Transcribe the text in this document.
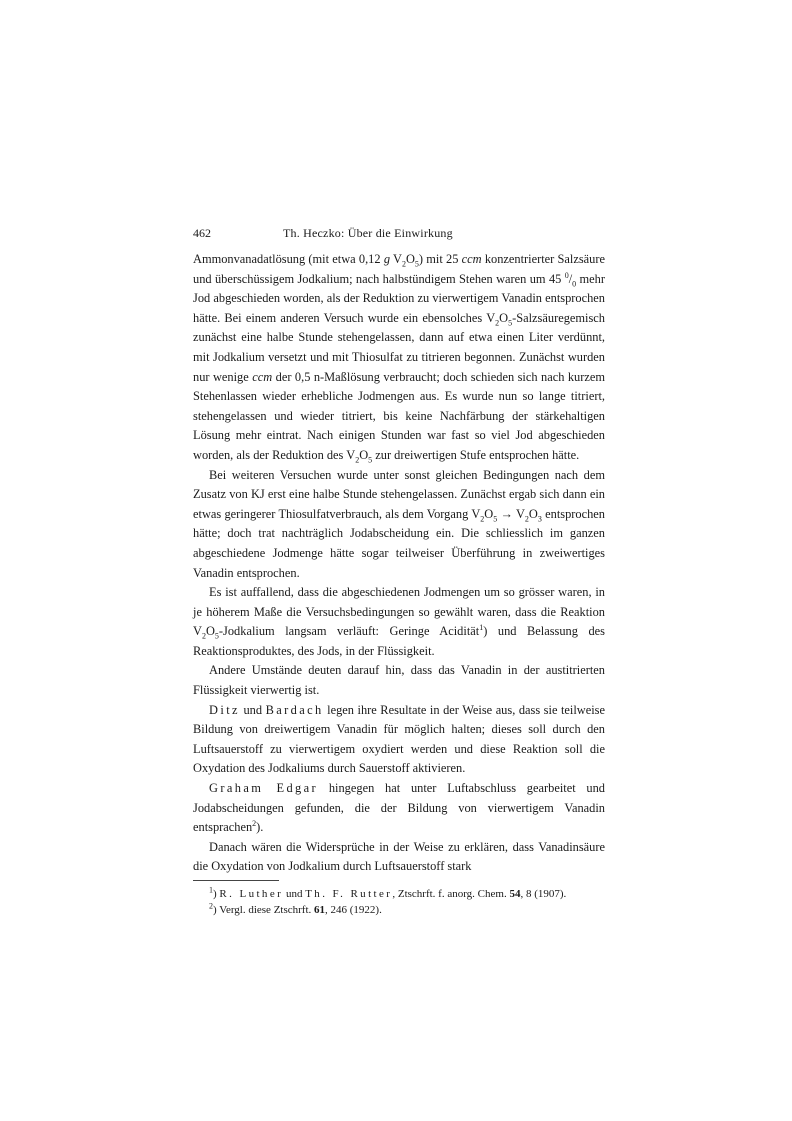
462	Th. Heczko: Über die Einwirkung

Ammonvanadatlösung (mit etwa 0,12 g $V_2O_5$) mit 25 ccm konzentrierter Salzsäure und überschüssigem Jodkalium; nach halbstündigem Stehen waren um 45 $^0/_0$ mehr Jod abgeschieden worden, als der Reduktion zu vierwertigem Vanadin entsprochen hätte. Bei einem anderen Versuch wurde ein ebensolches $V_2O_5$-Salzsäuregemisch zunächst eine halbe Stunde stehengelassen, dann auf etwa einen Liter verdünnt, mit Jodkalium versetzt und mit Thiosulfat zu titrieren begonnen. Zunächst wurden nur wenige ccm der 0,5 n-Maßlösung verbraucht; doch schieden sich nach kurzem Stehenlassen wieder erhebliche Jodmengen aus. Es wurde nun so lange titriert, stehengelassen und wieder titriert, bis keine Nachfärbung der stärkehaltigen Lösung mehr eintrat. Nach einigen Stunden war fast so viel Jod abgeschieden worden, als der Reduktion des $V_2O_5$ zur dreiwertigen Stufe entsprochen hätte.

Bei weiteren Versuchen wurde unter sonst gleichen Bedingungen nach dem Zusatz von KJ erst eine halbe Stunde stehengelassen. Zunächst ergab sich dann ein etwas geringerer Thiosulfatverbrauch, als dem Vorgang $V_2O_5 \to V_2O_3$ entsprochen hätte; doch trat nachträglich Jodabscheidung ein. Die schliesslich im ganzen abgeschiedene Jodmenge hätte sogar teilweiser Überführung in zweiwertiges Vanadin entsprochen.

Es ist auffallend, dass die abgeschiedenen Jodmengen um so grösser waren, in je höherem Maße die Versuchsbedingungen so gewählt waren, dass die Reaktion $V_2O_5$-Jodkalium langsam verläuft: Geringe Acidität$^1$) und Belassung des Reaktionsproduktes, des Jods, in der Flüssigkeit.

Andere Umstände deuten darauf hin, dass das Vanadin in der austitrierten Flüssigkeit vierwertig ist.

Ditz und Bardach legen ihre Resultate in der Weise aus, dass sie teilweise Bildung von dreiwertigem Vanadin für möglich halten; dieses soll durch den Luftsauerstoff zu vierwertigem oxydiert werden und diese Reaktion soll die Oxydation des Jodkaliums durch Sauerstoff aktivieren.

Graham Edgar hingegen hat unter Luftabschluss gearbeitet und Jodabscheidungen gefunden, die der Bildung von vierwertigem Vanadin entsprachen$^2$).

Danach wären die Widersprüche in der Weise zu erklären, dass Vanadinsäure die Oxydation von Jodkalium durch Luftsauerstoff stark

$^1$) R. Luther und Th. F. Rutter, Ztschrft. f. anorg. Chem. 54, 8 (1907).

$^2$) Vergl. diese Ztschrft. 61, 246 (1922).
